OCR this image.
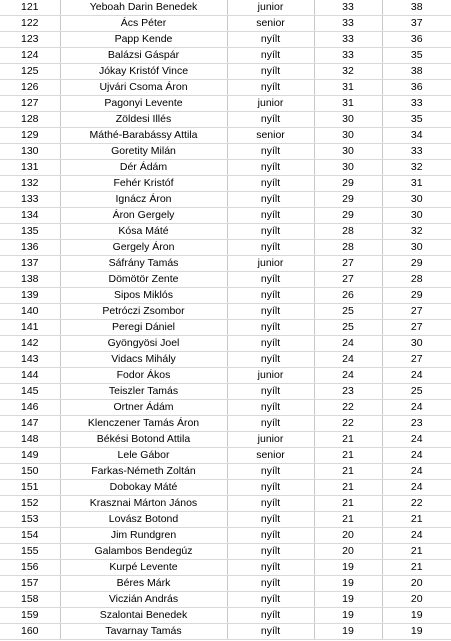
121	Yeboah Darin Benedek	junior	33	38
122	Ács Péter	senior	33	37
123	Papp Kende	nyílt	33	36
124	Balázsi Gáspár	nyílt	33	35
125	Jókay Kristóf Vince	nyílt	32	38
126	Ujvári Csoma Áron	nyílt	31	36
127	Pagonyi Levente	junior	31	33
128	Zöldesi Illés	nyílt	30	35
129	Máthé-Barabássy Attila	senior	30	34
130	Goretity Milán	nyílt	30	33
131	Dér Ádám	nyílt	30	32
132	Fehér Kristóf	nyílt	29	31
133	Ignácz Áron	nyílt	29	30
134	Áron Gergely	nyílt	29	30
135	Kósa Máté	nyílt	28	32
136	Gergely Áron	nyílt	28	30
137	Sáfrány Tamás	junior	27	29
138	Dömötör Zente	nyílt	27	28
139	Sipos Miklós	nyílt	26	29
140	Petróczi Zsombor	nyílt	25	27
141	Peregi Dániel	nyílt	25	27
142	Gyöngyösi Joel	nyílt	24	30
143	Vidacs Mihály	nyílt	24	27
144	Fodor Ákos	junior	24	24
145	Teiszler Tamás	nyílt	23	25
146	Ortner Ádám	nyílt	22	24
147	Klenczener Tamás Áron	nyílt	22	23
148	Békési Botond Attila	junior	21	24
149	Lele Gábor	senior	21	24
150	Farkas-Németh Zoltán	nyílt	21	24
151	Dobokay Máté	nyílt	21	24
152	Krasznai Márton János	nyílt	21	22
153	Lovász Botond	nyílt	21	21
154	Jim Rundgren	nyílt	20	24
155	Galambos Bendegúz	nyílt	20	21
156	Kurpé Levente	nyílt	19	21
157	Béres Márk	nyílt	19	20
158	Viczián András	nyílt	19	20
159	Szalontai Benedek	nyílt	19	19
160	Tavarnay Tamás	nyílt	19	19
